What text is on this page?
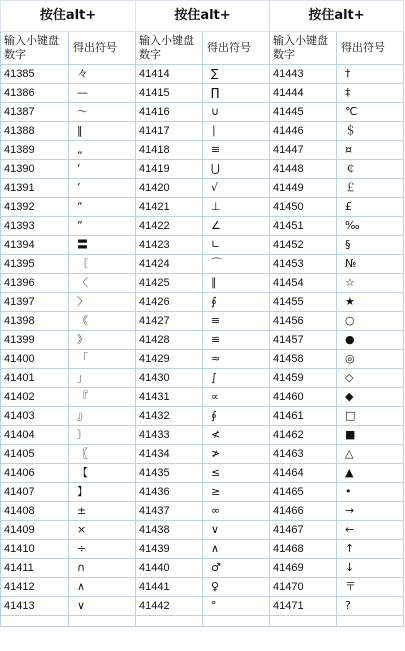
按住alt+	
输入小键盘数字	得出符号
41385	々
41386	—
41387	～
41388	‖
41389	„
41390	‘
41391	’
41392	“
41393	”
41394	〓
41395	〔
41396	〈
41397	〉
41398	《
41399	》
41400	「
41401	」
41402	『
41403	』
41404	〕
41405	〖
41406	【
41407	】
41408	±
41409	×
41410	÷
41411	∩
41412	∧
41413	∨

按住alt+	
输入小键盘数字	得出符号
41414	∑
41415	∏
41416	∪
41417	∣
41418	≡
41419	⋃
41420	√
41421	⊥
41422	∠
41423	∟
41424	⌒
41425	∥
41426	∮
41427	≡
41428	≌
41429	≈
41430	∫
41431	∝
41432	∮
41433	≮
41434	≯
41435	≤
41436	≥
41437	∞
41438	∨
41439	∧
41440	♂
41441	♀
41442	°

按住alt+	
输入小键盘数字	得出符号
41443	†
41444	‡
41445	℃
41446	＄
41447	¤
41448	￠
41449	￡
41450	£
41451	‰
41452	§
41453	№
41454	☆
41455	★
41456	○
41457	●
41458	◎
41459	◇
41460	◆
41461	□
41462	■
41463	△
41464	▲
41465	•
41466	→
41467	←
41468	↑
41469	↓
41470	〒
41471	?
